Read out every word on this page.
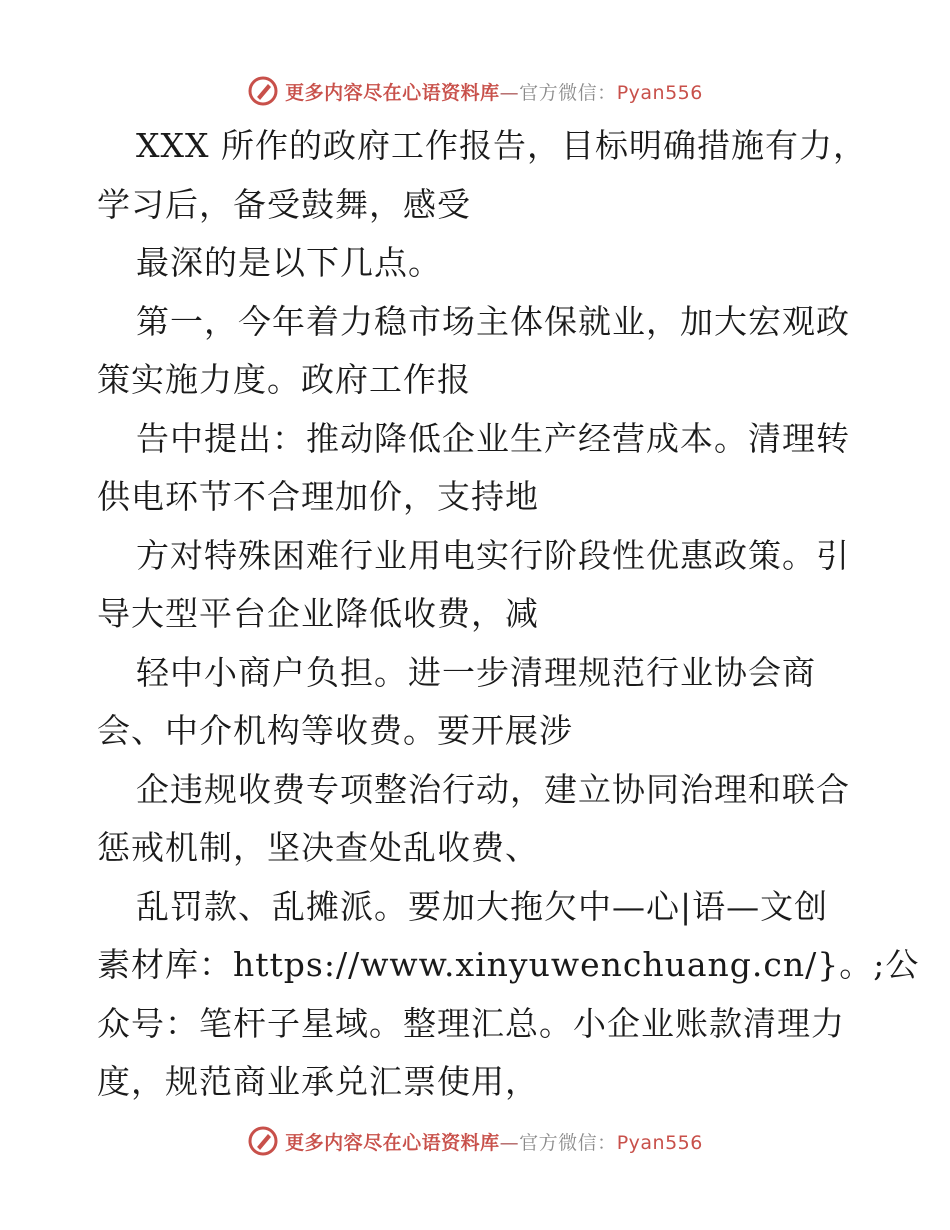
更多内容尽在心语资料库—官方微信：Pyan556
XXX 所作的政府工作报告，目标明确措施有力，
学习后，备受鼓舞，感受
最深的是以下几点。
第一，今年着力稳市场主体保就业，加大宏观政
策实施力度。政府工作报
告中提出：推动降低企业生产经营成本。清理转
供电环节不合理加价，支持地
方对特殊困难行业用电实行阶段性优惠政策。引
导大型平台企业降低收费，减
轻中小商户负担。进一步清理规范行业协会商
会、中介机构等收费。要开展涉
企违规收费专项整治行动，建立协同治理和联合
惩戒机制，坚决查处乱收费、
乱罚款、乱摊派。要加大拖欠中—心|语—文创
素材库：https://www.xinyuwenchuang.cn/}。;公
众号：笔杆子星域。整理汇总。小企业账款清理力
度，规范商业承兑汇票使用，
更多内容尽在心语资料库—官方微信：Pyan556
